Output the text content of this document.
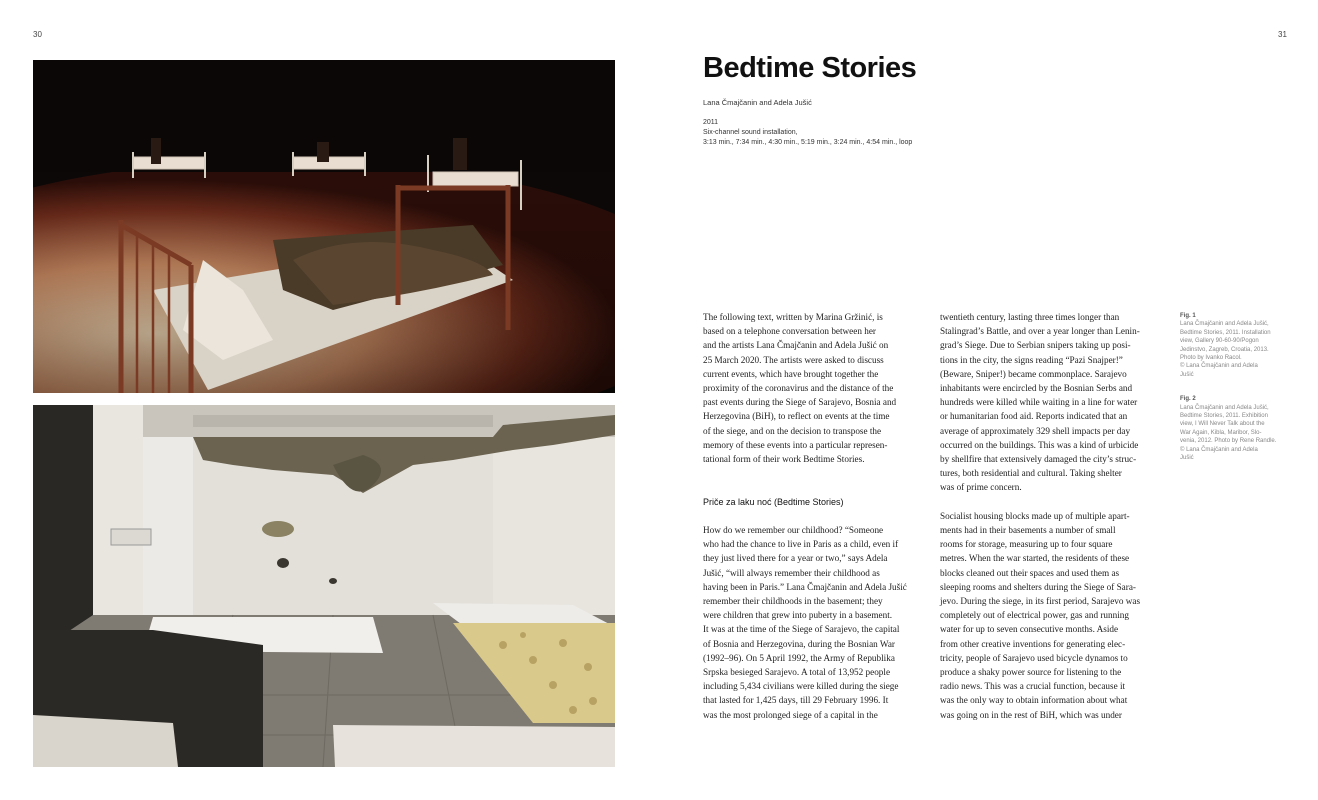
30	31
Bedtime Stories
Lana Čmajčanin and Adela Jušić
2011
Six-channel sound installation,
3:13 min., 7:34 min., 4:30 min., 5:19 min., 3:24 min., 4:54 min., loop

The following text, written by Marina Gržinić, is

based on a telephone conversation between her

and the artists Lana Čmajčanin and Adela Jušić on

25 March 2020. The artists were asked to discuss

current events, which have brought together the

proximity of the coronavirus and the distance of the

past events during the Siege of Sarajevo, Bosnia and

Herzegovina (BiH), to reflect on events at the time

of the siege, and on the decision to transpose the

memory of these events into a particular represen-

tational form of their work Bedtime Stories.

Priče za laku noć (Bedtime Stories)

How do we remember our childhood? “Someone

who had the chance to live in Paris as a child, even if

they just lived there for a year or two,” says Adela

Jušić, “will always remember their childhood as

having been in Paris.” Lana Čmajčanin and Adela Jušić

remember their childhoods in the basement; they

were children that grew into puberty in a basement.

It was at the time of the Siege of Sarajevo, the capital

of Bosnia and Herzegovina, during the Bosnian War

(1992–96). On 5 April 1992, the Army of Republika

Srpska besieged Sarajevo. A total of 13,952 people

including 5,434 civilians were killed during the siege

that lasted for 1,425 days, till 29 February 1996. It

was the most prolonged siege of a capital in the

twentieth century, lasting three times longer than

Stalingrad’s Battle, and over a year longer than Lenin-

grad’s Siege. Due to Serbian snipers taking up posi-

tions in the city, the signs reading “Pazi Snajper!”

(Beware, Sniper!) became commonplace. Sarajevo

inhabitants were encircled by the Bosnian Serbs and

hundreds were killed while waiting in a line for water

or humanitarian food aid. Reports indicated that an

average of approximately 329 shell impacts per day

occurred on the buildings. This was a kind of urbicide

by shellfire that extensively damaged the city’s struc-

tures, both residential and cultural. Taking shelter

was of prime concern.

Socialist housing blocks made up of multiple apart-

ments had in their basements a number of small

rooms for storage, measuring up to four square

metres. When the war started, the residents of these

blocks cleaned out their spaces and used them as

sleeping rooms and shelters during the Siege of Sara-

jevo. During the siege, in its first period, Sarajevo was

completely out of electrical power, gas and running

water for up to seven consecutive months. Aside

from other creative inventions for generating elec-

tricity, people of Sarajevo used bicycle dynamos to

produce a shaky power source for listening to the

radio news. This was a crucial function, because it

was the only way to obtain information about what

was going on in the rest of BiH, which was under

Fig. 1
Lana Čmajčanin and Adela Jušić,
Bedtime Stories, 2011. Installation
view, Gallery 90-60-90/Pogon
Jedinstvo, Zagreb, Croatia, 2013.
Photo by Ivanko Racol.
© Lana Čmajčanin and Adela
Jušić
Fig. 2
Lana Čmajčanin and Adela Jušić,
Bedtime Stories, 2011. Exhibition
view, I Will Never Talk about the
War Again, Kibla, Maribor, Slo-
venia, 2012. Photo by Rene Randle.
© Lana Čmajčanin and Adela
Jušić
